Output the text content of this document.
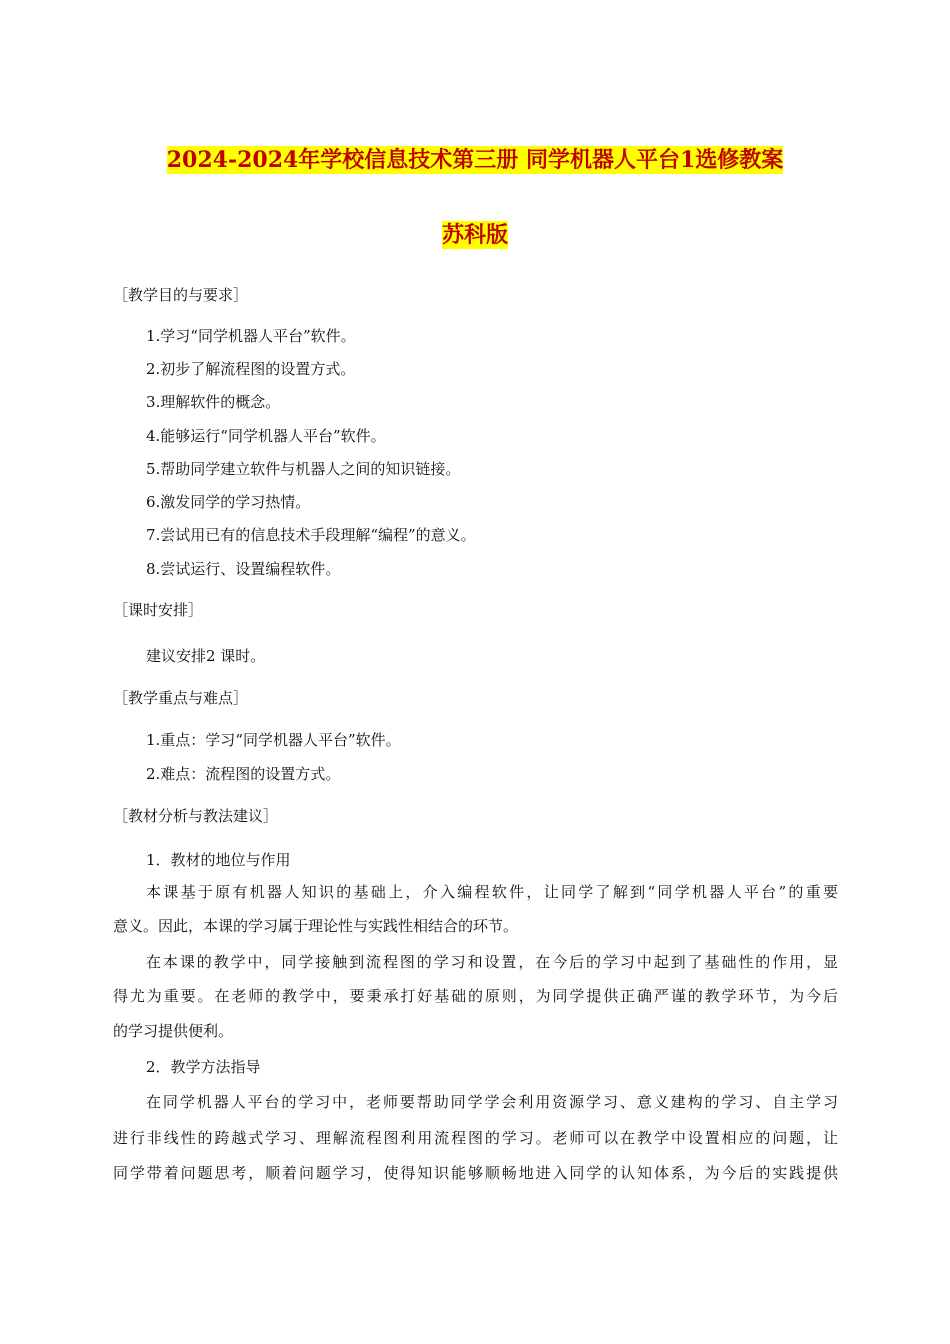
2024-2024年学校信息技术第三册 同学机器人平台1选修教案
苏科版
［教学目的与要求］
1.学习“同学机器人平台”软件。
2.初步了解流程图的设置方式。
3.理解软件的概念。
4.能够运行“同学机器人平台”软件。
5.帮助同学建立软件与机器人之间的知识链接。
6.激发同学的学习热情。
7.尝试用已有的信息技术手段理解“编程”的意义。
8.尝试运行、设置编程软件。
［课时安排］
建议安排2 课时。
［教学重点与难点］
1.重点：学习“同学机器人平台”软件。
2.难点：流程图的设置方式。
［教材分析与教法建议］
1．教材的地位与作用
本课基于原有机器人知识的基础上，介入编程软件，让同学了解到“同学机器人平台”的重要
意义。因此，本课的学习属于理论性与实践性相结合的环节。
在本课的教学中，同学接触到流程图的学习和设置，在今后的学习中起到了基础性的作用，显
得尤为重要。在老师的教学中，要秉承打好基础的原则，为同学提供正确严谨的教学环节，为今后
的学习提供便利。
2．教学方法指导
在同学机器人平台的学习中，老师要帮助同学学会利用资源学习、意义建构的学习、自主学习
进行非线性的跨越式学习、理解流程图利用流程图的学习。老师可以在教学中设置相应的问题，让
同学带着问题思考，顺着问题学习，使得知识能够顺畅地进入同学的认知体系，为今后的实践提供
